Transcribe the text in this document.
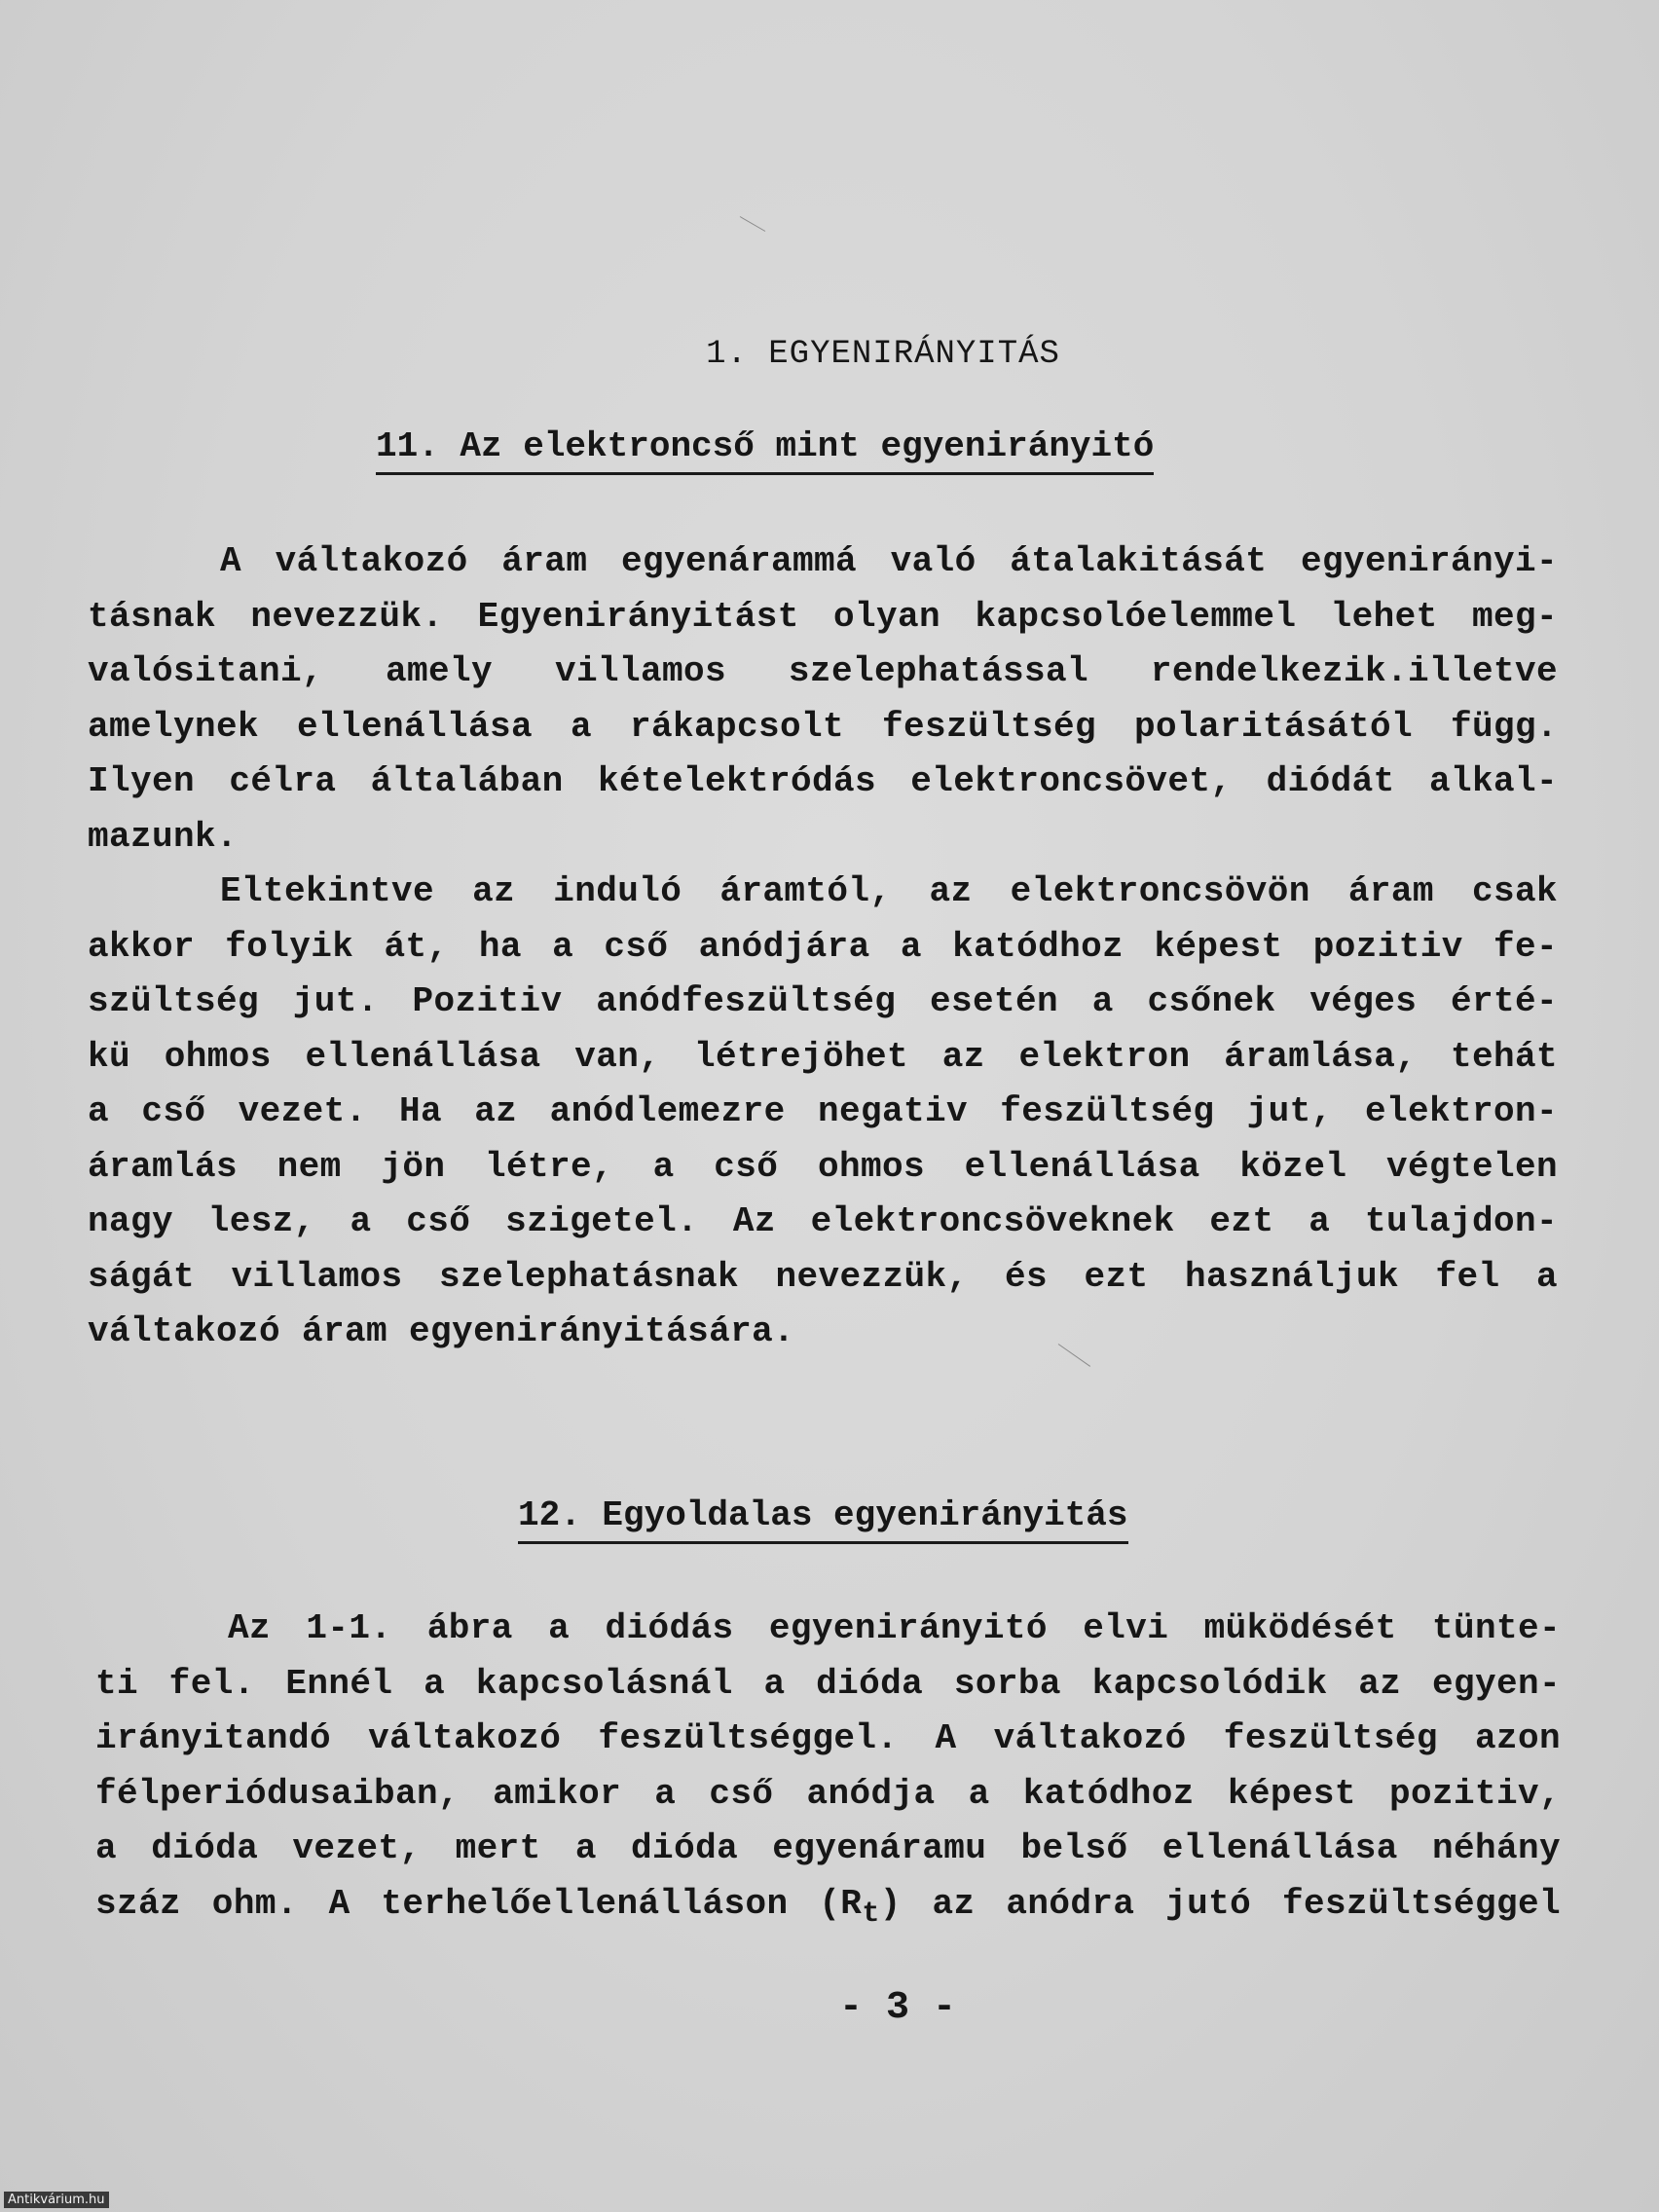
1. EGYENIRÁNYITÁS
11. Az elektroncső mint egyenirányitó
A váltakozó áram egyenárammá való átalakitását egyenirányi-
tásnak nevezzük. Egyenirányitást olyan kapcsolóelemmel lehet meg-
valósitani, amely villamos szelephatással rendelkezik.illetve
amelynek ellenállása a rákapcsolt feszültség polaritásától függ.
Ilyen célra általában kételektródás elektroncsövet, diódát alkal-
mazunk.
Eltekintve az induló áramtól, az elektroncsövön áram csak
akkor folyik át, ha a cső anódjára a katódhoz képest pozitiv fe-
szültség jut. Pozitiv anódfeszültség esetén a csőnek véges érté-
kü ohmos ellenállása van, létrejöhet az elektron áramlása, tehát
a cső vezet. Ha az anódlemezre negativ feszültség jut, elektron-
áramlás nem jön létre, a cső ohmos ellenállása közel végtelen
nagy lesz, a cső szigetel. Az elektroncsöveknek ezt a tulajdon-
ságát villamos szelephatásnak nevezzük, és ezt használjuk fel a
váltakozó áram egyenirányitására.
12. Egyoldalas egyenirányitás
Az 1-1. ábra a diódás egyenirányitó elvi müködését tünte-
ti fel. Ennél a kapcsolásnál a dióda sorba kapcsolódik az egyen-
irányitandó váltakozó feszültséggel. A váltakozó feszültség azon
félperiódusaiban, amikor a cső anódja a katódhoz képest pozitiv,
a dióda vezet, mert a dióda egyenáramu belső ellenállása néhány
száz ohm. A terhelőellenálláson $(R_t)$ az anódra jutó feszültséggel
- 3 -
Antikvárium.hu
